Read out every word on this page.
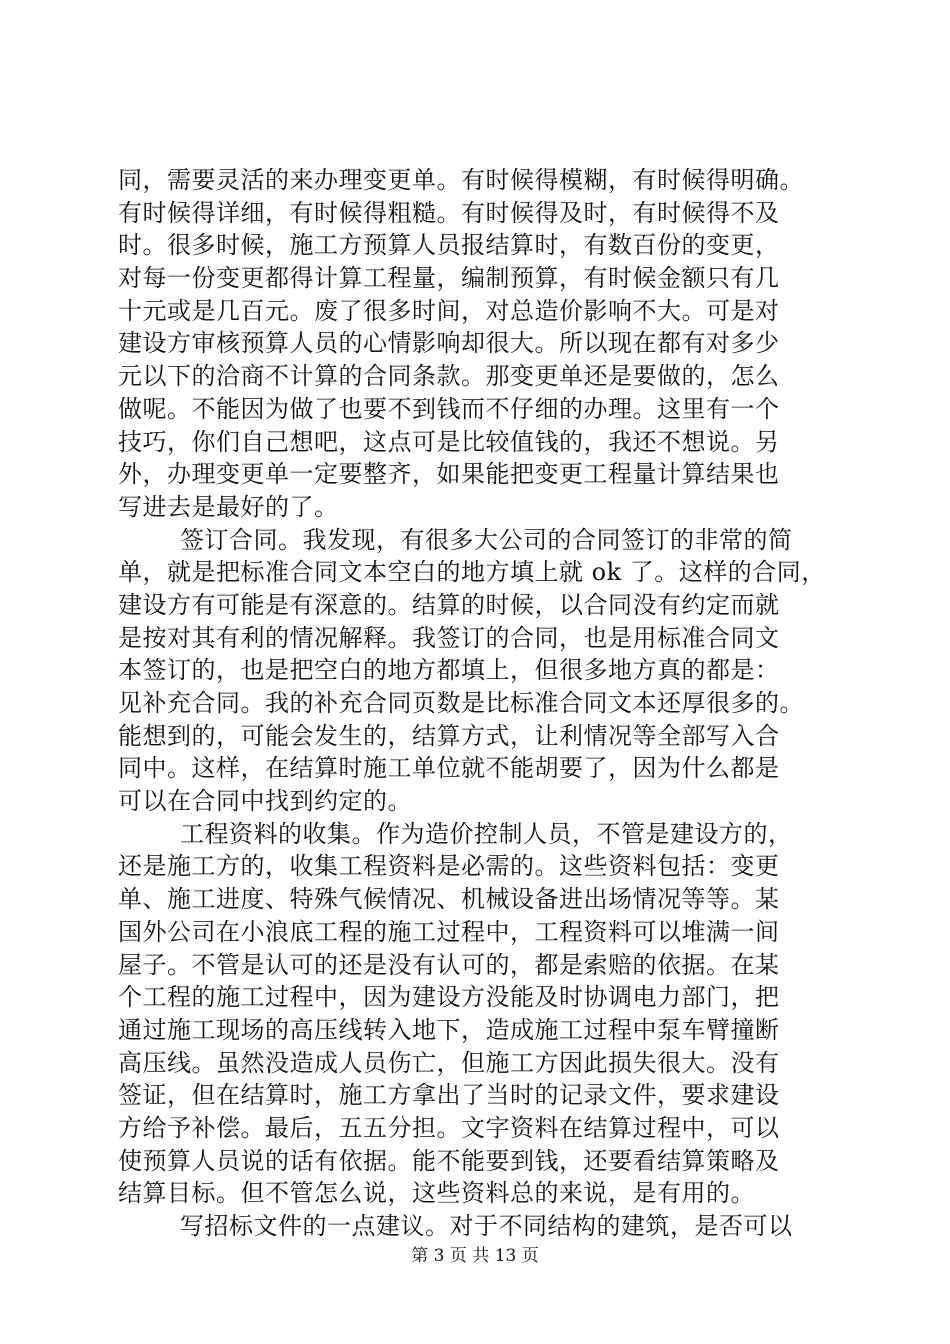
同，需要灵活的来办理变更单。有时候得模糊，有时候得明确。
有时候得详细，有时候得粗糙。有时候得及时，有时候得不及
时。很多时候，施工方预算人员报结算时，有数百份的变更，
对每一份变更都得计算工程量，编制预算，有时候金额只有几
十元或是几百元。废了很多时间，对总造价影响不大。可是对
建设方审核预算人员的心情影响却很大。所以现在都有对多少
元以下的洽商不计算的合同条款。那变更单还是要做的，怎么
做呢。不能因为做了也要不到钱而不仔细的办理。这里有一个
技巧，你们自己想吧，这点可是比较值钱的，我还不想说。另
外，办理变更单一定要整齐，如果能把变更工程量计算结果也
写进去是最好的了。
签订合同。我发现，有很多大公司的合同签订的非常的简
单，就是把标准合同文本空白的地方填上就 ok 了。这样的合同，
建设方有可能是有深意的。结算的时候，以合同没有约定而就
是按对其有利的情况解释。我签订的合同，也是用标准合同文
本签订的，也是把空白的地方都填上，但很多地方真的都是：
见补充合同。我的补充合同页数是比标准合同文本还厚很多的。
能想到的，可能会发生的，结算方式，让利情况等全部写入合
同中。这样，在结算时施工单位就不能胡要了，因为什么都是
可以在合同中找到约定的。
工程资料的收集。作为造价控制人员，不管是建设方的，
还是施工方的，收集工程资料是必需的。这些资料包括：变更
单、施工进度、特殊气候情况、机械设备进出场情况等等。某
国外公司在小浪底工程的施工过程中，工程资料可以堆满一间
屋子。不管是认可的还是没有认可的，都是索赔的依据。在某
个工程的施工过程中，因为建设方没能及时协调电力部门，把
通过施工现场的高压线转入地下，造成施工过程中泵车臂撞断
高压线。虽然没造成人员伤亡，但施工方因此损失很大。没有
签证，但在结算时，施工方拿出了当时的记录文件，要求建设
方给予补偿。最后，五五分担。文字资料在结算过程中，可以
使预算人员说的话有依据。能不能要到钱，还要看结算策略及
结算目标。但不管怎么说，这些资料总的来说，是有用的。
写招标文件的一点建议。对于不同结构的建筑，是否可以
第 3 页 共 13 页
